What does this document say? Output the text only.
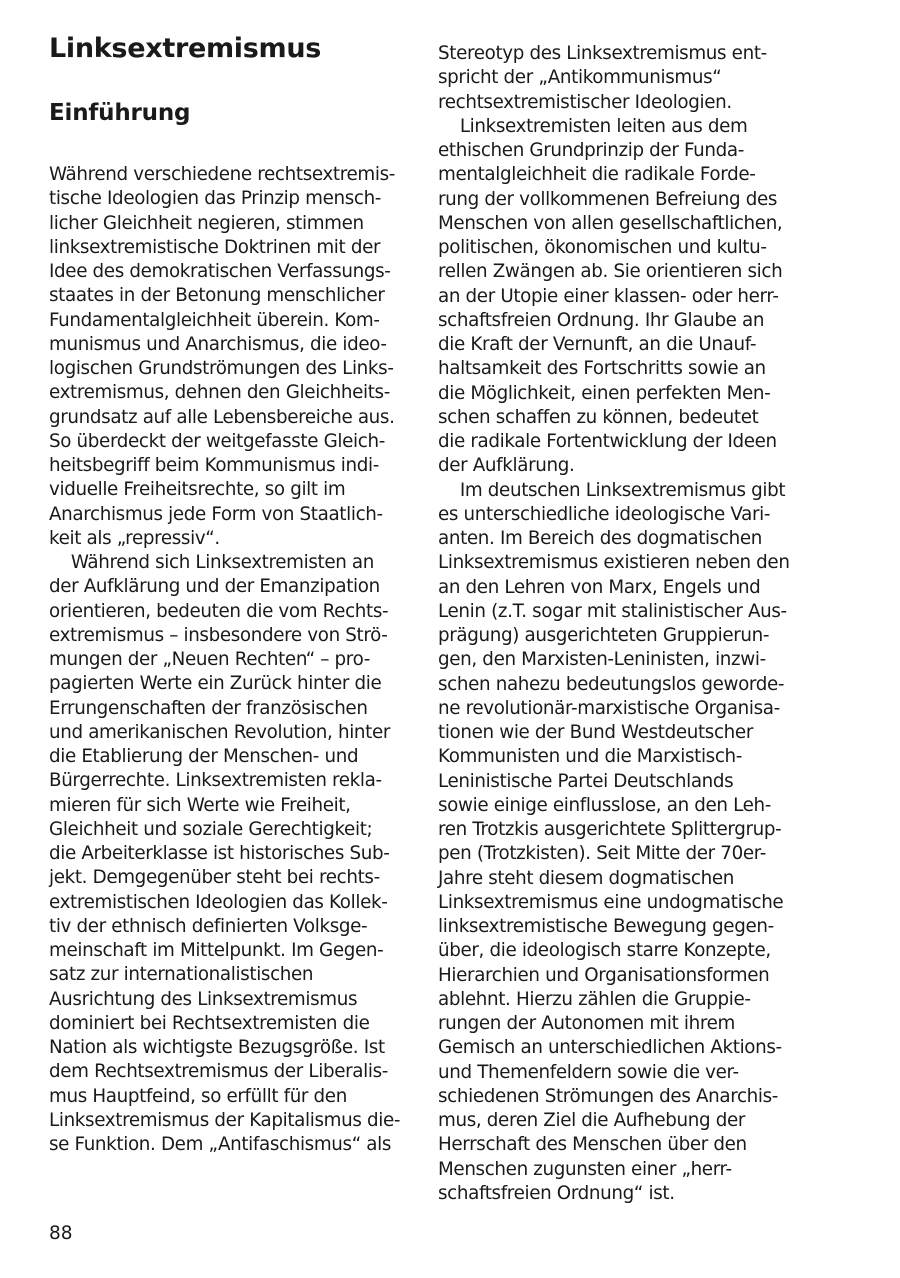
Linksextremismus
Einführung
Während verschiedene rechtsextremis-
tische Ideologien das Prinzip mensch-
licher Gleichheit negieren, stimmen
linksextremistische Doktrinen mit der
Idee des demokratischen Verfassungs-
staates in der Betonung menschlicher
Fundamentalgleichheit überein. Kom-
munismus und Anarchismus, die ideo-
logischen Grundströmungen des Links-
extremismus, dehnen den Gleichheits-
grundsatz auf alle Lebensbereiche aus.
So überdeckt der weitgefasste Gleich-
heitsbegriff beim Kommunismus indi-
viduelle Freiheitsrechte, so gilt im
Anarchismus jede Form von Staatlich-
keit als „repressiv“.
Während sich Linksextremisten an
der Aufklärung und der Emanzipation
orientieren, bedeuten die vom Rechts-
extremismus – insbesondere von Strö-
mungen der „Neuen Rechten“ – pro-
pagierten Werte ein Zurück hinter die
Errungenschaften der französischen
und amerikanischen Revolution, hinter
die Etablierung der Menschen- und
Bürgerrechte. Linksextremisten rekla-
mieren für sich Werte wie Freiheit,
Gleichheit und soziale Gerechtigkeit;
die Arbeiterklasse ist historisches Sub-
jekt. Demgegenüber steht bei rechts-
extremistischen Ideologien das Kollek-
tiv der ethnisch definierten Volksge-
meinschaft im Mittelpunkt. Im Gegen-
satz zur internationalistischen
Ausrichtung des Linksextremismus
dominiert bei Rechtsextremisten die
Nation als wichtigste Bezugsgröße. Ist
dem Rechtsextremismus der Liberalis-
mus Hauptfeind, so erfüllt für den
Linksextremismus der Kapitalismus die-
se Funktion. Dem „Antifaschismus“ als
Stereotyp des Linksextremismus ent-
spricht der „Antikommunismus“
rechtsextremistischer Ideologien.
Linksextremisten leiten aus dem
ethischen Grundprinzip der Funda-
mentalgleichheit die radikale Forde-
rung der vollkommenen Befreiung des
Menschen von allen gesellschaftlichen,
politischen, ökonomischen und kultu-
rellen Zwängen ab. Sie orientieren sich
an der Utopie einer klassen- oder herr-
schaftsfreien Ordnung. Ihr Glaube an
die Kraft der Vernunft, an die Unauf-
haltsamkeit des Fortschritts sowie an
die Möglichkeit, einen perfekten Men-
schen schaffen zu können, bedeutet
die radikale Fortentwicklung der Ideen
der Aufklärung.
Im deutschen Linksextremismus gibt
es unterschiedliche ideologische Vari-
anten. Im Bereich des dogmatischen
Linksextremismus existieren neben den
an den Lehren von Marx, Engels und
Lenin (z.T. sogar mit stalinistischer Aus-
prägung) ausgerichteten Gruppierun-
gen, den Marxisten-Leninisten, inzwi-
schen nahezu bedeutungslos geworde-
ne revolutionär-marxistische Organisa-
tionen wie der Bund Westdeutscher
Kommunisten und die Marxistisch-
Leninistische Partei Deutschlands
sowie einige einflusslose, an den Leh-
ren Trotzkis ausgerichtete Splittergrup-
pen (Trotzkisten). Seit Mitte der 70er-
Jahre steht diesem dogmatischen
Linksextremismus eine undogmatische
linksextremistische Bewegung gegen-
über, die ideologisch starre Konzepte,
Hierarchien und Organisationsformen
ablehnt. Hierzu zählen die Gruppie-
rungen der Autonomen mit ihrem
Gemisch an unterschiedlichen Aktions-
und Themenfeldern sowie die ver-
schiedenen Strömungen des Anarchis-
mus, deren Ziel die Aufhebung der
Herrschaft des Menschen über den
Menschen zugunsten einer „herr-
schaftsfreien Ordnung“ ist.
88
